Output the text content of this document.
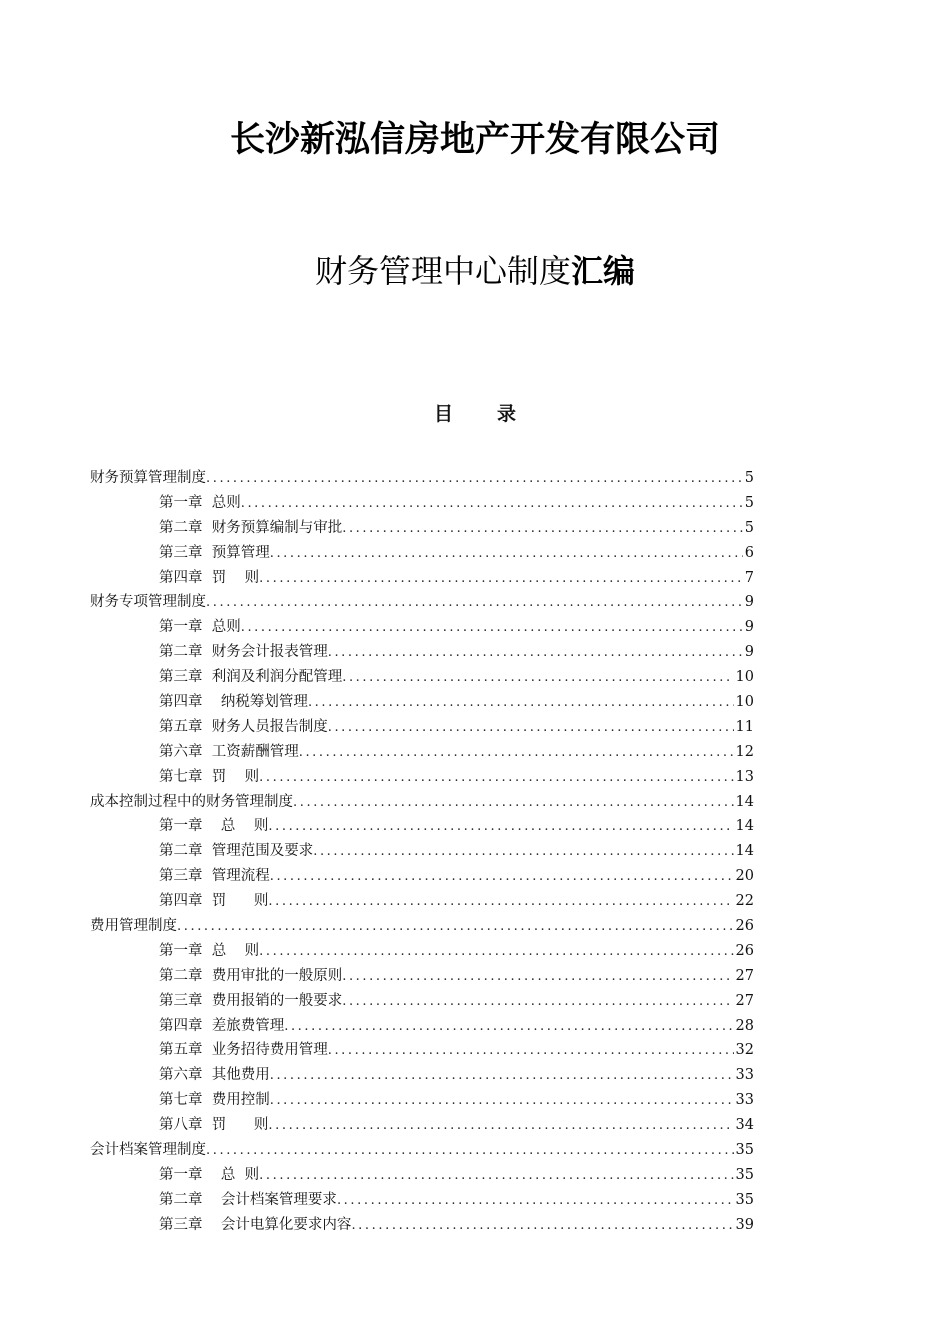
长沙新泓信房地产开发有限公司
财务管理中心制度汇编
目 录
财务预算管理制度 .....	5
第一章  总则 .....	5
第二章  财务预算编制与审批 .....	5
第三章  预算管理 .....	6
第四章  罚    则 .....	7
财务专项管理制度 .....	9
第一章  总则 .....	9
第二章  财务会计报表管理 .....	9
第三章  利润及利润分配管理 .....	10
第四章    纳税筹划管理 .....	10
第五章  财务人员报告制度 .....	11
第六章  工资薪酬管理 .....	12
第七章  罚    则 .....	13
成本控制过程中的财务管理制度 .....	14
第一章    总    则 .....	14
第二章  管理范围及要求 .....	14
第三章  管理流程 .....	20
第四章  罚      则 .....	22
费用管理制度 .....	26
第一章  总    则 .....	26
第二章  费用审批的一般原则 .....	27
第三章  费用报销的一般要求 .....	27
第四章  差旅费管理 .....	28
第五章  业务招待费用管理 .....	32
第六章  其他费用 .....	33
第七章  费用控制 .....	33
第八章  罚      则 .....	34
会计档案管理制度 .....	35
第一章    总  则 .....	35
第二章    会计档案管理要求 .....	35
第三章    会计电算化要求内容 .....	39
